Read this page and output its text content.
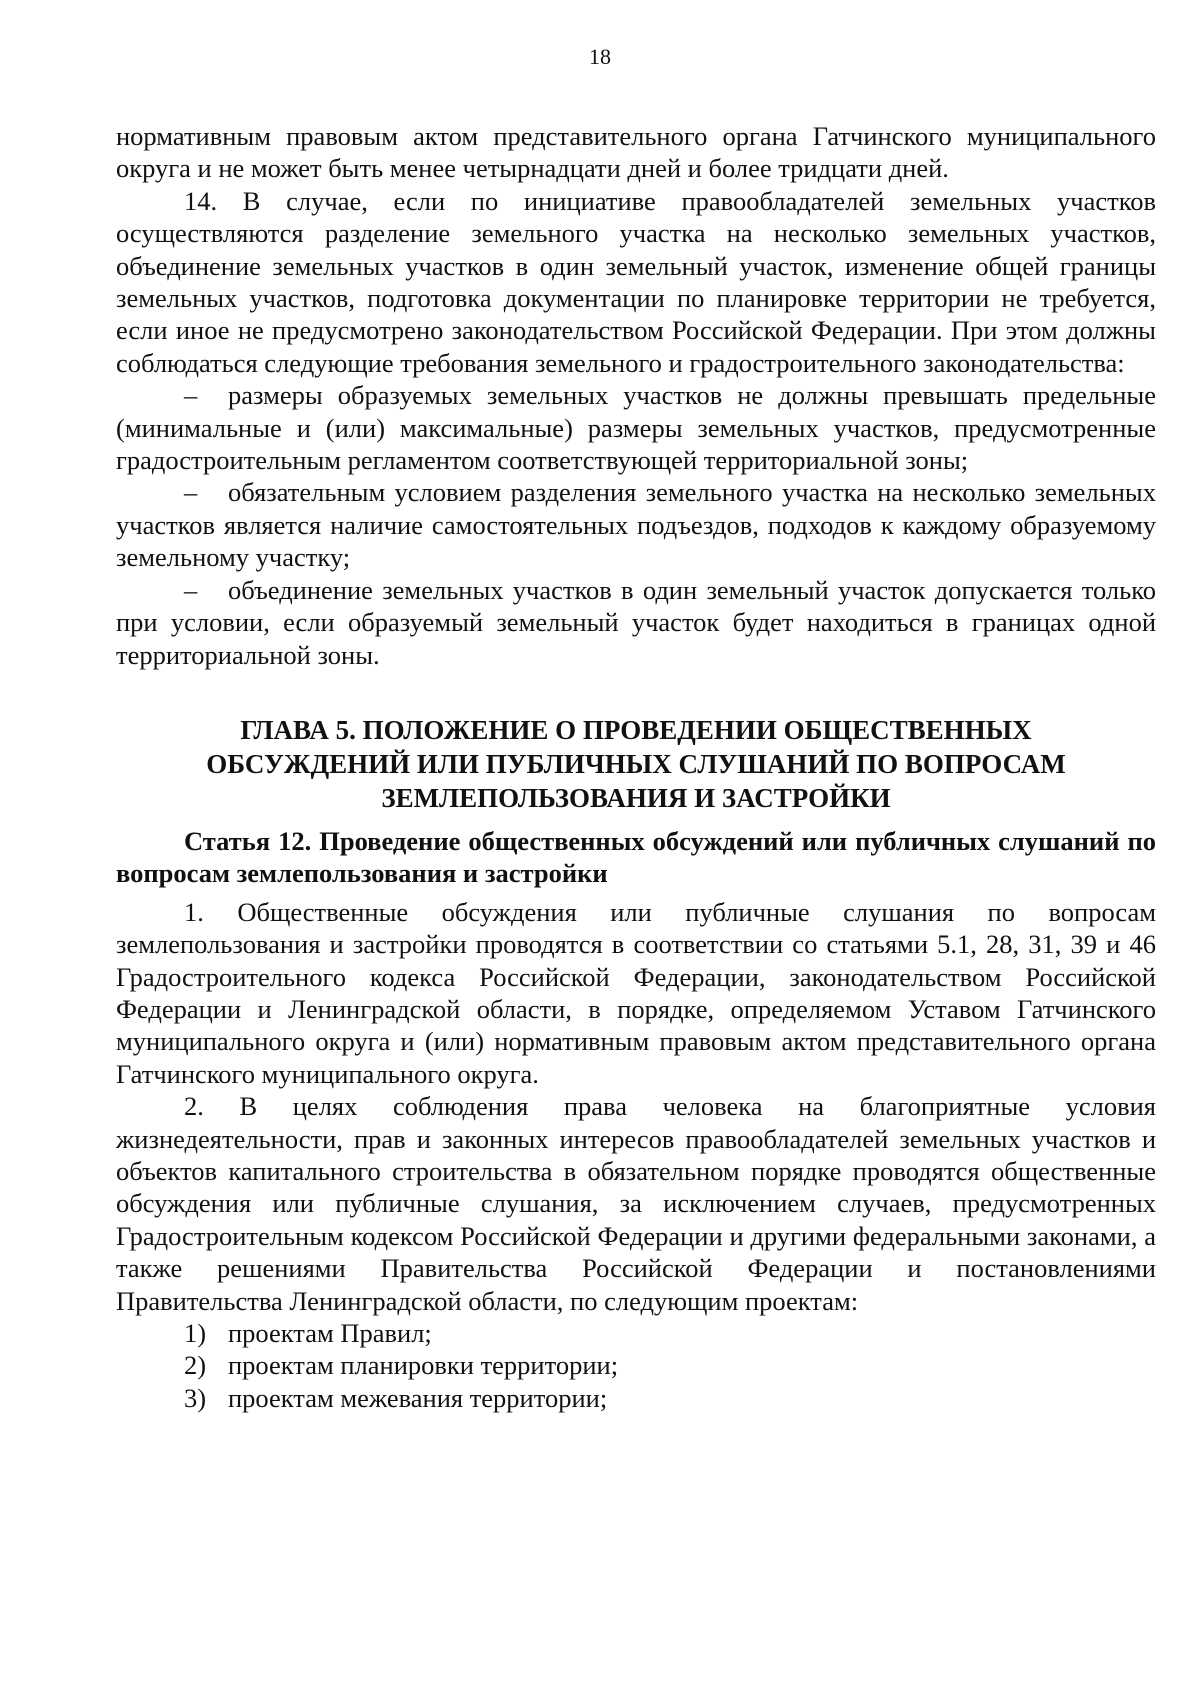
18

нормативным правовым актом представительного органа Гатчинского муниципального округа и не может быть менее четырнадцати дней и более тридцати дней.

14. В случае, если по инициативе правообладателей земельных участков осуществляются разделение земельного участка на несколько земельных участков, объединение земельных участков в один земельный участок, изменение общей границы земельных участков, подготовка документации по планировке территории не требуется, если иное не предусмотрено законодательством Российской Федерации. При этом должны соблюдаться следующие требования земельного и градостроительного законодательства:

– размеры образуемых земельных участков не должны превышать предельные (минимальные и (или) максимальные) размеры земельных участков, предусмотренные градостроительным регламентом соответствующей территориальной зоны;

– обязательным условием разделения земельного участка на несколько земельных участков является наличие самостоятельных подъездов, подходов к каждому образуемому земельному участку;

– объединение земельных участков в один земельный участок допускается только при условии, если образуемый земельный участок будет находиться в границах одной территориальной зоны.

ГЛАВА 5. ПОЛОЖЕНИЕ О ПРОВЕДЕНИИ ОБЩЕСТВЕННЫХ
ОБСУЖДЕНИЙ ИЛИ ПУБЛИЧНЫХ СЛУШАНИЙ ПО ВОПРОСАМ
ЗЕМЛЕПОЛЬЗОВАНИЯ И ЗАСТРОЙКИ

Статья 12. Проведение общественных обсуждений или публичных слушаний по вопросам землепользования и застройки

1. Общественные обсуждения или публичные слушания по вопросам землепользования и застройки проводятся в соответствии со статьями 5.1, 28, 31, 39 и 46 Градостроительного кодекса Российской Федерации, законодательством Российской Федерации и Ленинградской области, в порядке, определяемом Уставом Гатчинского муниципального округа и (или) нормативным правовым актом представительного органа Гатчинского муниципального округа.

2. В целях соблюдения права человека на благоприятные условия жизнедеятельности, прав и законных интересов правообладателей земельных участков и объектов капитального строительства в обязательном порядке проводятся общественные обсуждения или публичные слушания, за исключением случаев, предусмотренных Градостроительным кодексом Российской Федерации и другими федеральными законами, а также решениями Правительства Российской Федерации и постановлениями Правительства Ленинградской области, по следующим проектам:

1) проектам Правил;

2) проектам планировки территории;

3) проектам межевания территории;
